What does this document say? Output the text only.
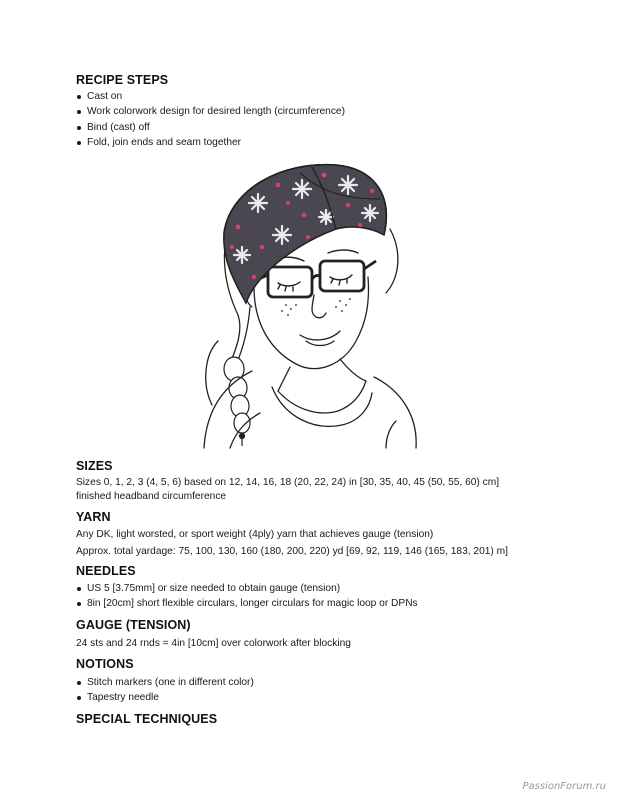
RECIPE STEPS
Cast on
Work colorwork design for desired length (circumference)
Bind (cast) off
Fold, join ends and seam together
SIZES

Sizes 0, 1, 2, 3 (4, 5, 6) based on 12, 14, 16, 18 (20, 22, 24) in [30, 35, 40, 45 (50, 55, 60) cm]

finished headband circumference

YARN

Any DK, light worsted, or sport weight (4ply) yarn that achieves gauge (tension)

Approx. total yardage: 75, 100, 130, 160 (180, 200, 220) yd [69, 92, 119, 146 (165, 183, 201) m]

NEEDLES
US 5 [3.75mm] or size needed to obtain gauge (tension)
8in [20cm] short flexible circulars, longer circulars for magic loop or DPNs
GAUGE (TENSION)

24 sts and 24 rnds = 4in [10cm] over colorwork after blocking

NOTIONS
Stitch markers (one in different color)
Tapestry needle
SPECIAL TECHNIQUES
PassionForum.ru
